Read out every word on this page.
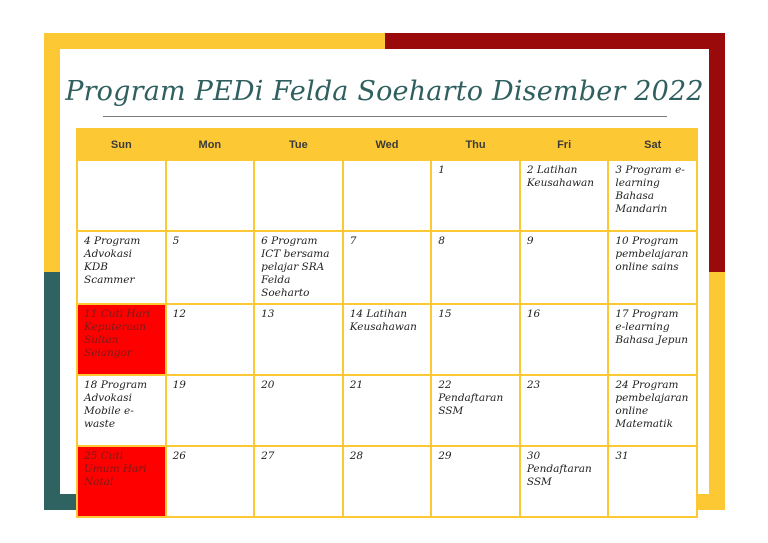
Program PEDi Felda Soeharto Disember 2022
Sun	Mon	Tue	Wed	Thu	Fri	Sat
				1	2 Latihan Keusahawan	3 Program e-learning Bahasa Mandarin
4 Program Advokasi KDB Scammer	5	6 Program ICT bersama pelajar SRA Felda Soeharto	7	8	9	10 Program pembelajaran online sains
11 Cuti Hari Keputeraan Sultan Selangor	12	13	14 Latihan Keusahawan	15	16	17 Program e-learning Bahasa Jepun
18 Program Advokasi Mobile e-waste	19	20	21	22 Pendaftaran SSM	23	24 Program pembelajaran online Matematik
25 Cuti Umum Hari Natal	26	27	28	29	30 Pendaftaran SSM	31
